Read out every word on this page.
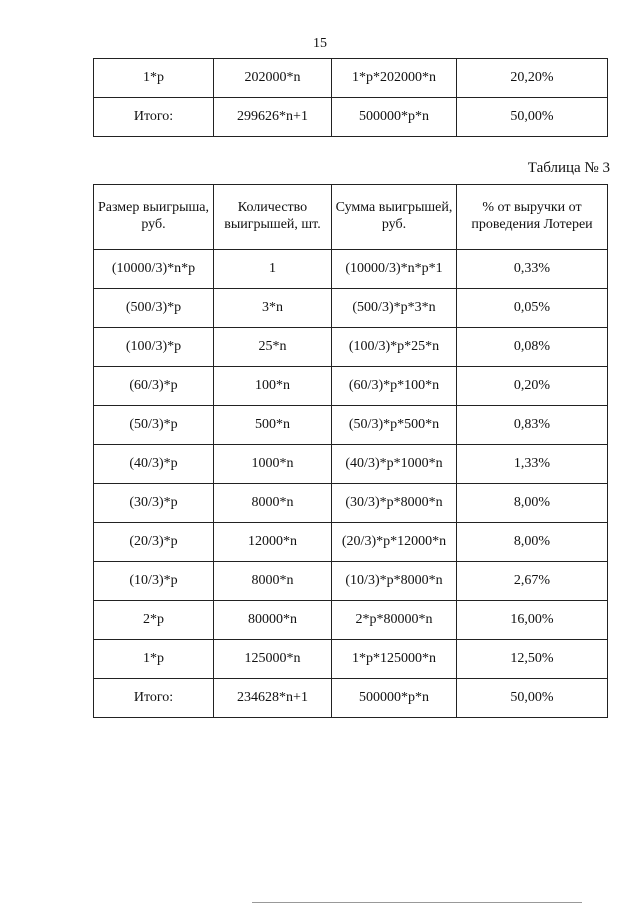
15
1*p	202000*n	1*p*202000*n	20,20%
Итого:	299626*n+1	500000*p*n	50,00%
Таблица № 3
Размер выигрыша, руб.	Количество выигрышей, шт.	Сумма выигрышей, руб.	% от выручки от проведения Лотереи
(10000/3)*n*p	1	(10000/3)*n*p*1	0,33%
(500/3)*p	3*n	(500/3)*p*3*n	0,05%
(100/3)*p	25*n	(100/3)*p*25*n	0,08%
(60/3)*p	100*n	(60/3)*p*100*n	0,20%
(50/3)*p	500*n	(50/3)*p*500*n	0,83%
(40/3)*p	1000*n	(40/3)*p*1000*n	1,33%
(30/3)*p	8000*n	(30/3)*p*8000*n	8,00%
(20/3)*p	12000*n	(20/3)*p*12000*n	8,00%
(10/3)*p	8000*n	(10/3)*p*8000*n	2,67%
2*p	80000*n	2*p*80000*n	16,00%
1*p	125000*n	1*p*125000*n	12,50%
Итого:	234628*n+1	500000*p*n	50,00%
